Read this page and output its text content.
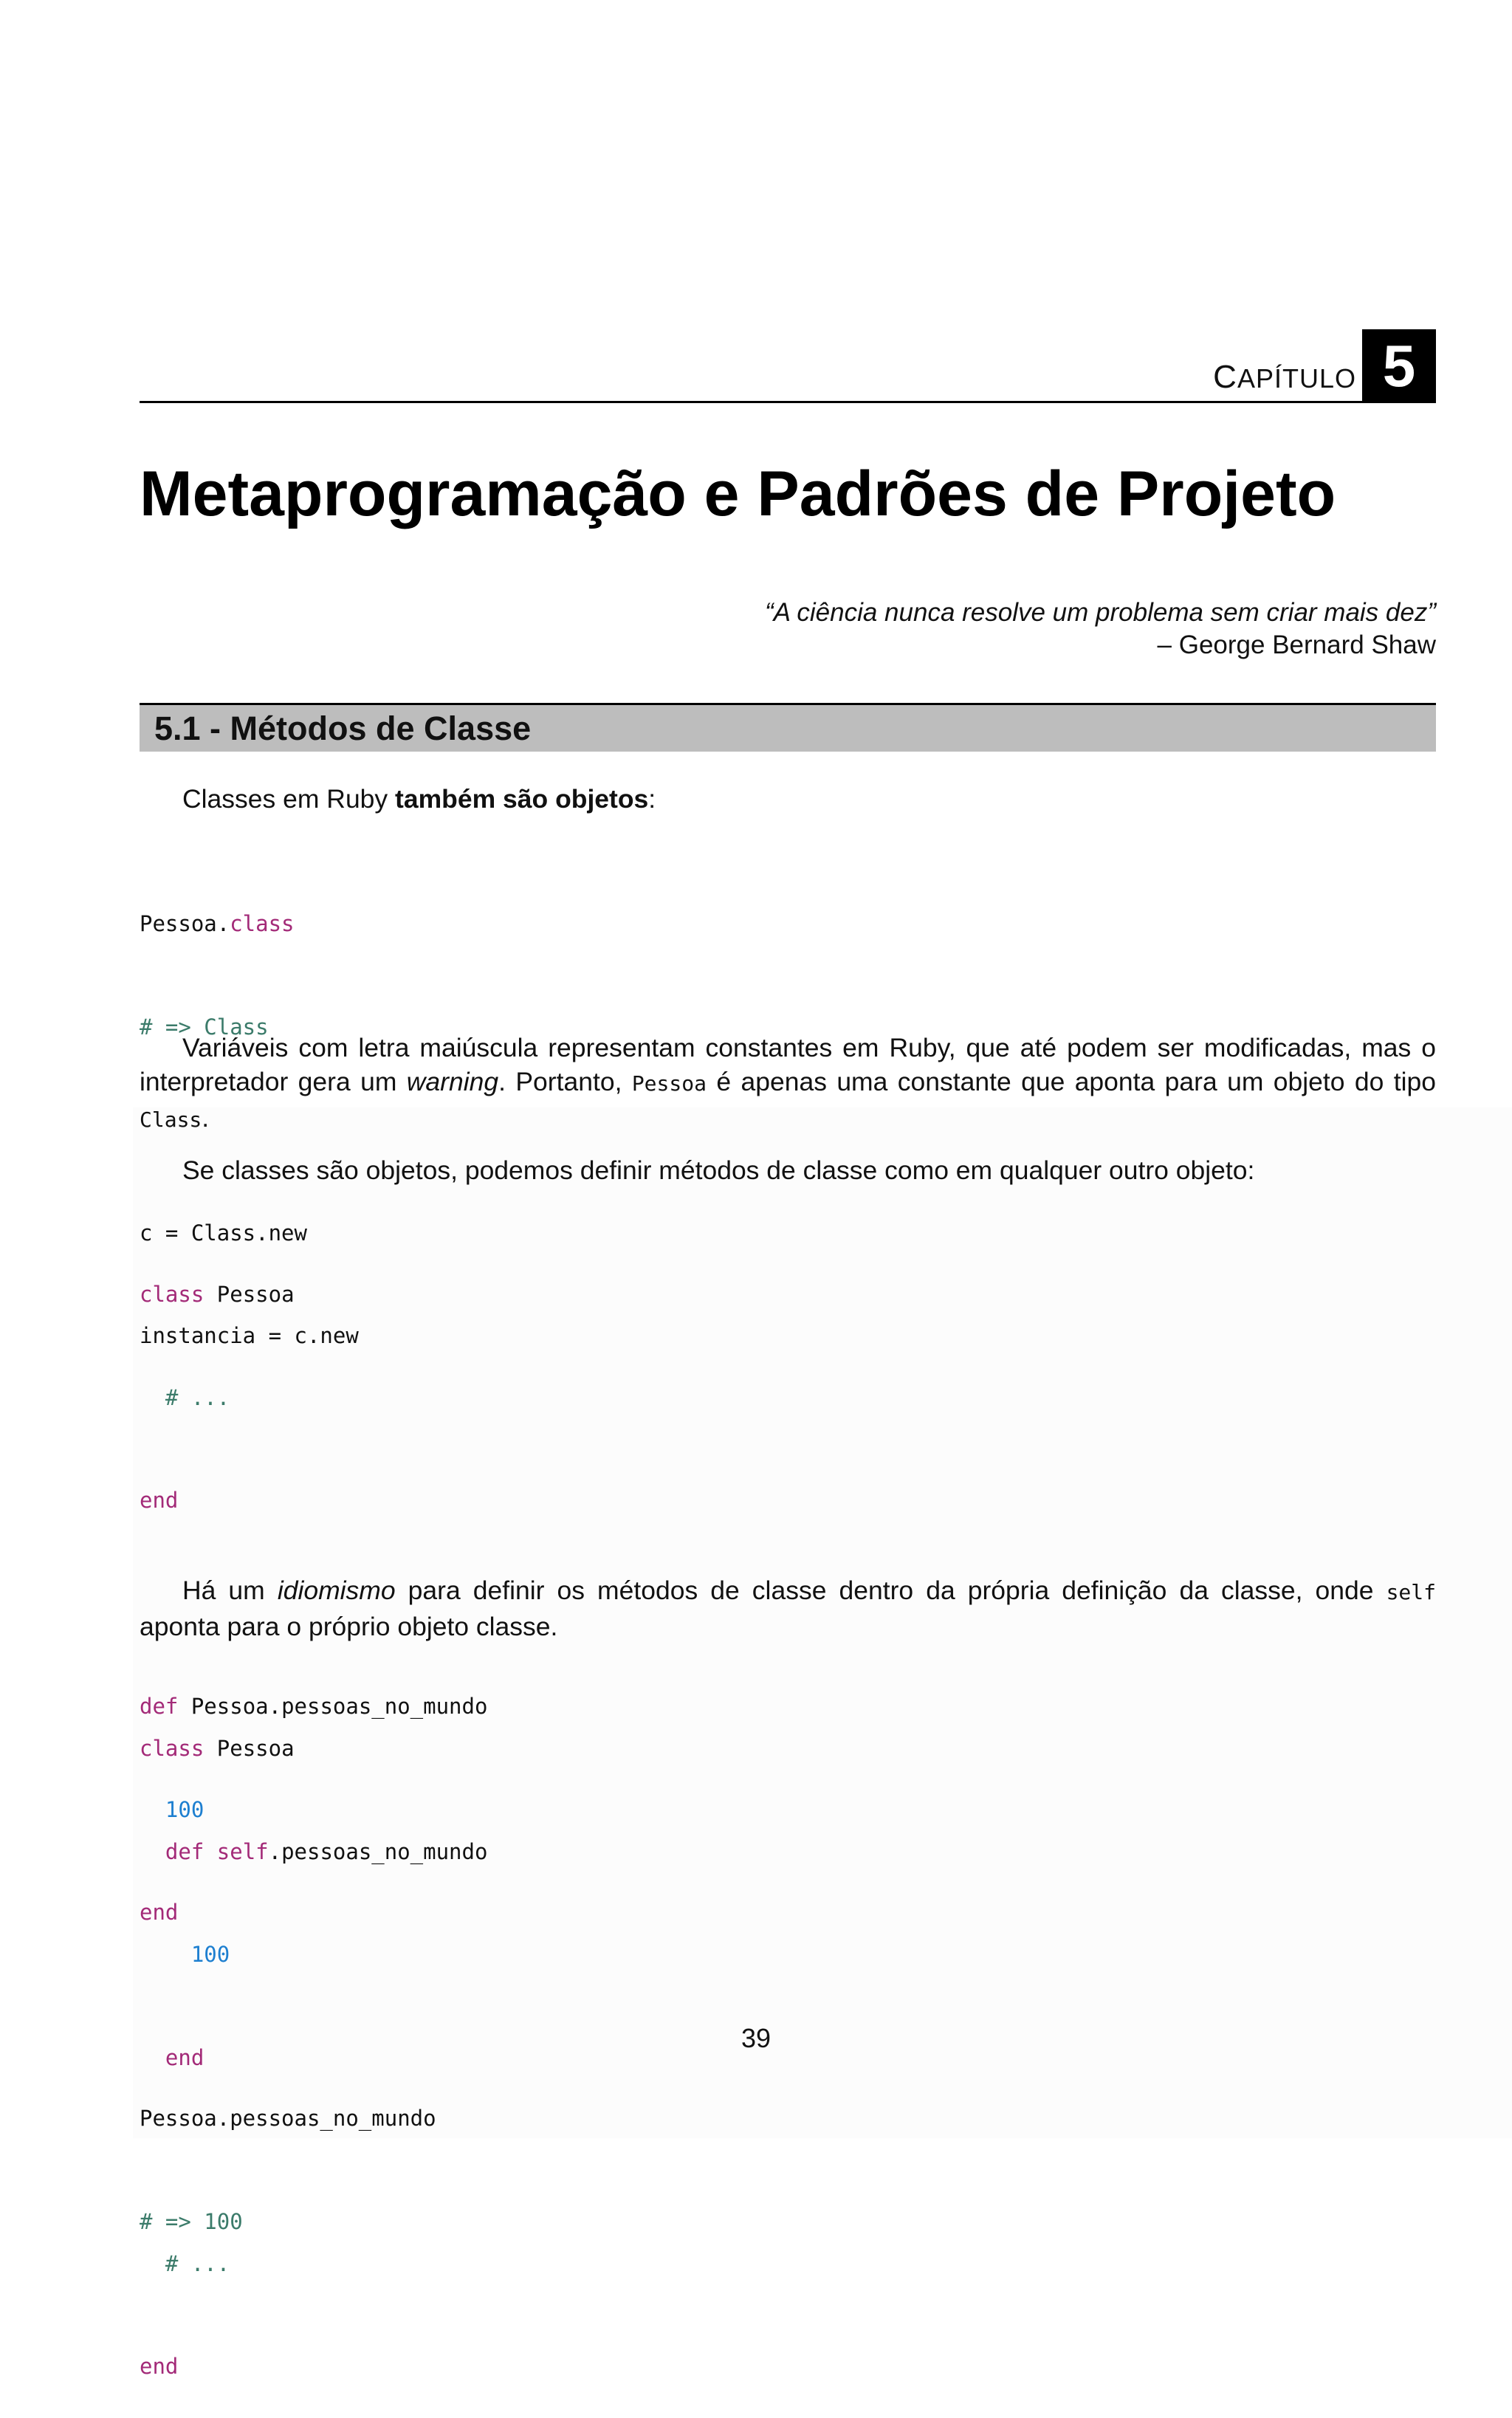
CAPÍTULO 5
Metaprogramação e Padrões de Projeto
“A ciência nunca resolve um problema sem criar mais dez”
– George Bernard Shaw
5.1 - Métodos de Classe

Classes em Ruby também são objetos:

Pessoa.class

# => Class

c = Class.new

instancia = c.new

Variáveis com letra maiúscula representam constantes em Ruby, que até podem ser modificadas, mas o interpretador gera um warning. Portanto, Pessoa é apenas uma constante que aponta para um objeto do tipo Class.

Se classes são objetos, podemos definir métodos de classe como em qualquer outro objeto:

class Pessoa

# ...

end

def Pessoa.pessoas_no_mundo

100

end

Pessoa.pessoas_no_mundo

# => 100

Há um idiomismo para definir os métodos de classe dentro da própria definição da classe, onde self aponta para o próprio objeto classe.

class Pessoa

def self.pessoas_no_mundo

100

end

# ...

end

39
